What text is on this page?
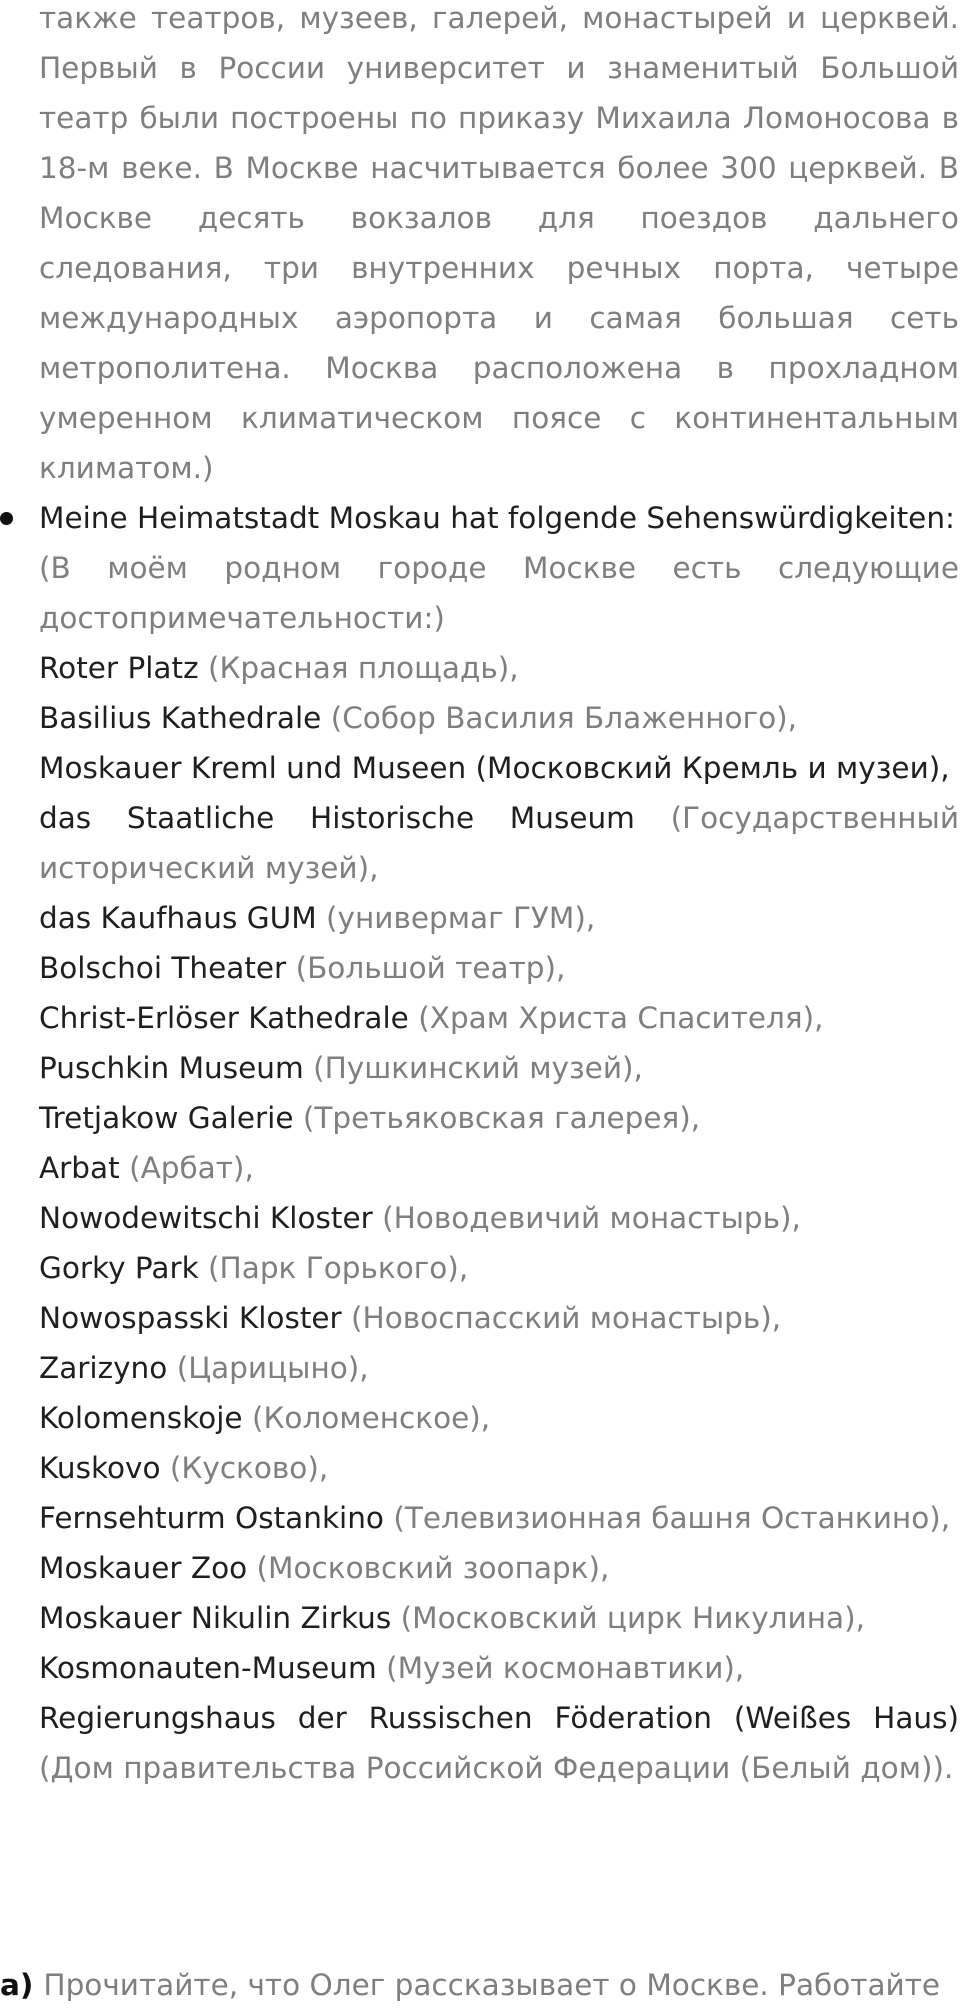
также театров, музеев, галерей, монастырей и церквей. Первый в России университет и знаменитый Большой театр были построены по приказу Михаила Ломоносова в 18-м веке. В Москве насчитывается более 300 церквей. В Москве десять вокзалов для поездов дальнего следования, три внутренних речных порта, четыре международных аэропорта и самая большая сеть метрополитена. Москва расположена в прохладном умеренном климатическом поясе с континентальным климатом.)

Meine Heimatstadt Moskau hat folgende Sehenswürdigkeiten:
(В моём родном городе Москве есть следующие достопримечательности:)
Roter Platz (Красная площадь),
Basilius Kathedrale (Собор Василия Блаженного),
Moskauer Kreml und Museen (Московский Кремль и музеи),
das Staatliche Historische Museum (Государственный исторический музей),
das Kaufhaus GUM (универмаг ГУМ),
Bolschoi Theater (Большой театр),
Christ-Erlöser Kathedrale (Храм Христа Спасителя),
Puschkin Museum (Пушкинский музей),
Tretjakow Galerie (Третьяковская галерея),
Arbat (Арбат),
Nowodewitschi Kloster (Новодевичий монастырь),
Gorky Park (Парк Горького),
Nowospasski Kloster (Новоспасский монастырь),
Zarizyno (Царицыно),
Kolomenskoje (Коломенское),
Kuskovo (Кусково),
Fernsehturm Ostankino (Телевизионная башня Останкино),
Moskauer Zoo (Московский зоопарк),
Moskauer Nikulin Zirkus (Московский цирк Никулина),
Kosmonauten-Museum (Музей космонавтики),
Regierungshaus der Russischen Föderation (Weißes Haus) (Дом правительства Российской Федерации (Белый дом)).
a) Прочитайте, что Олег рассказывает о Москве. Работайте
